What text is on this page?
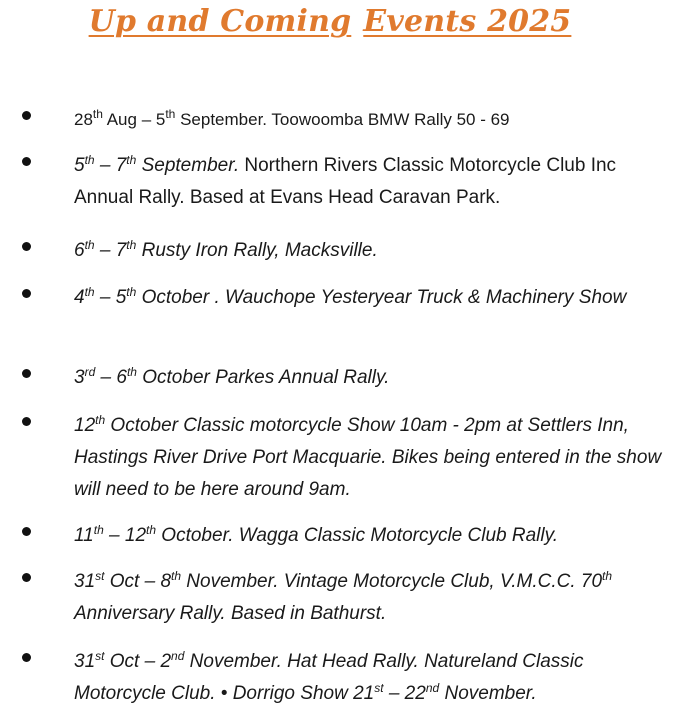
Up and Coming Events 2025
28th Aug – 5th September. Toowoomba BMW Rally 50 - 69
5th – 7th September. Northern Rivers Classic Motorcycle Club Inc Annual Rally. Based at Evans Head Caravan Park.
6th – 7th Rusty Iron Rally, Macksville.
4th – 5th October . Wauchope Yesteryear Truck & Machinery Show
3rd – 6th October Parkes Annual Rally.
12th October Classic motorcycle Show 10am - 2pm at Settlers Inn, Hastings River Drive Port Macquarie. Bikes being entered in the show will need to be here around 9am.
11th – 12th October. Wagga Classic Motorcycle Club Rally.
31st Oct – 8th November. Vintage Motorcycle Club, V.M.C.C. 70th Anniversary Rally. Based in Bathurst.
31st Oct – 2nd November. Hat Head Rally. Natureland Classic Motorcycle Club. • Dorrigo Show 21st – 22nd November.
